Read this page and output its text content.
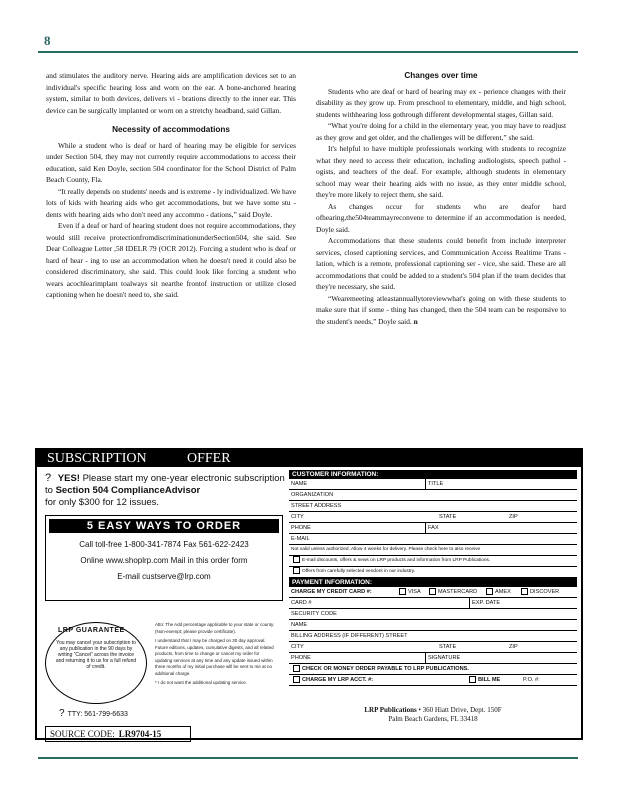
8

and stimulates the auditory nerve. Hearing aids are amplification devices set to an individual's specific hearing loss and worn on the ear. A bone-anchored hearing system, similar to both devices, delivers vi - brations directly to the inner ear. This device can be surgically implanted or worn on a stretchy headband, said Gillan.

Necessity of accommodations

While a student who is deaf or hard of hearing may be eligible for services under Section 504, they may not currently require accommodations to access their education, said Ken Doyle, section 504 coordinator for the School District of Palm Beach County, Fla.

“It really depends on students' needs and is extreme - ly individualized. We have lots of kids with hearing aids who get accommodations, but we have some stu - dents with hearing aids who don't need any accommo - dations,” said Doyle.

Even if a deaf or hard of hearing student does not require accommodations, they would still receive protectionfromdiscriminationunderSection504, she said. See Dear Colleague Letter ,58 IDELR 79 (OCR 2012). Forcing a student who is deaf or hard of hear - ing to use an accommodation when he doesn't need it could also be considered discriminatory, she said. This could look like forcing a student who wears acochlearimplant toalways sit nearthe frontof instruction or utilize closed captioning when he doesn't need to, she said.

Changes over time

Students who are deaf or hard of hearing may ex - perience changes with their disability as they grow up. From preschool to elementary, middle, and high school, students withhearing loss gothrough different developmental stages, Gillan said.

“What you're doing for a child in the elementary year, you may have to readjust as they grow and get older, and the challenges will be different,” she said.

It's helpful to have multiple professionals working with students to recognize what they need to access their education, including audiologists, speech pathol - ogists, and teachers of the deaf. For example, although students in elementary school may wear their hearing aids with no issue, as they enter middle school, they're more likely to reject them, she said.

As changes occur for students who are deafor hard ofhearing,the504teammayreconvene to determine if an accommodation is needed, Doyle said.

Accommodations that these students could benefit from include interpreter services, closed captioning services, and Communication Access Realtime Trans - lation, which is a remote, professional captioning ser - vice, she said. These are all accommodations that could be added to a student's 504 plan if the team decides that they're necessary, she said.

“Wearemeeting atleastannuallytoreviewwhat's going on with these students to make sure that if some - thing has changed, then the 504 team can be responsive to the student's needs,” Doyle said. n

SUBSCRIPTION	OFFER
? YES! Please start my one-year electronic subscription to Section 504 ComplianceAdvisor
for only $300 for 12 issues.
5 EASY WAYS TO ORDER
Call toll-free 1-800-341-7874 Fax 561-622-2423
Online www.shoplrp.com Mail in this order form
E-mail custserve@lrp.com
LRP GUARANTEE
You may cancel your subscription to any publication in the 90 days by writing “Cancel” across the invoice and returning it to us for a full refund of credit.

Attn: The Add percentage applicable to your state or county. (Non-exempt; please provide certificate).

I understand that I may be charged on 30 day approval. Future editions, updates, cumulative digests, and all related products, from time to change or cancel my order for updating services at any time and any update issued within three months of my initial purchase will be sent to me at no additional charge.

* I do not want the additional updating service.

? TTY: 561-799-6633
SOURCE CODE: LR9704-15
CUSTOMER INFORMATION:
NAME	TITLE
ORGANIZATION
STREET ADDRESS
CITY	STATE	ZIP
PHONE	FAX
E-MAIL
Not valid unless authorized. Allow 4 weeks for delivery. Please check here to also receive
E-mail discounts, offers & news on LRP products and information from LRP Publications.
Offers from carefully selected vendors in our industry.
PAYMENT INFORMATION:
CHARGE MY CREDIT CARD #:	VISA	MASTERCARD	AMEX	DISCOVER
CARD #	EXP. DATE
SECURITY CODE
NAME
BILLING ADDRESS (IF DIFFERENT) STREET
CITY	STATE	ZIP
PHONE	SIGNATURE
CHECK OR MONEY ORDER PAYABLE TO LRP PUBLICATIONS.
CHARGE MY LRP ACCT. #:	BILL ME	P.O. #:
LRP Publications • 360 Hiatt Drive, Dept. 150F
Palm Beach Gardens, FL 33418
